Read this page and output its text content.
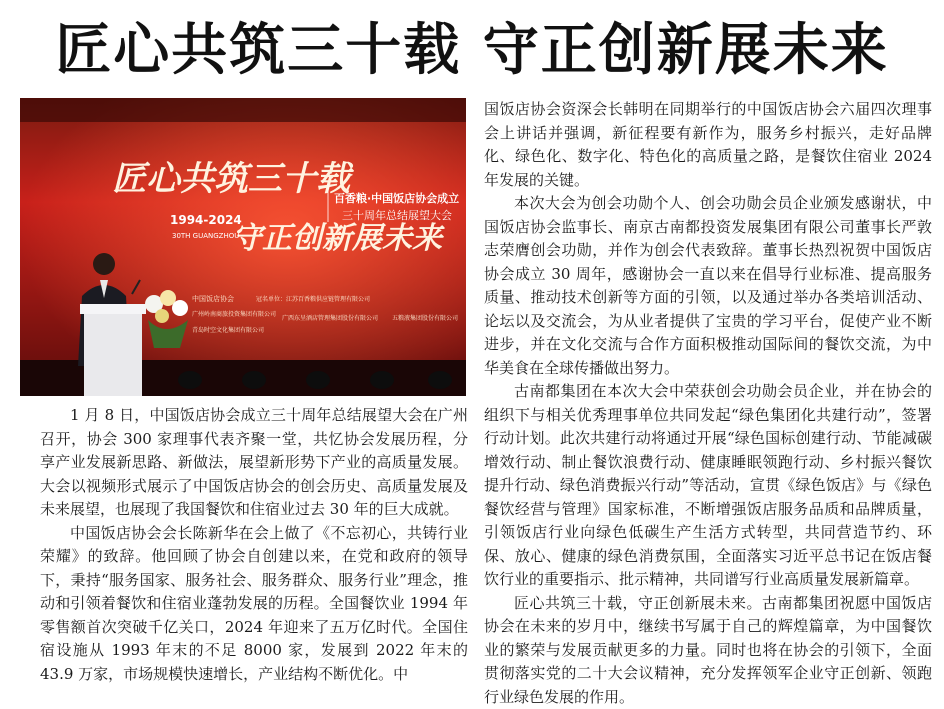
匠心共筑三十载 守正创新展未来
匠心共筑三十载
守正创新展未来
1994-2024
30TH GUANGZHOU
百香粮·中国饭店协会成立
三十周年总结展望大会
中国饭店协会	冠名单位：江苏百香粮供应链管理有限公司
广州岭南商旅投资集团有限公司
广西东呈酒店管理集团股份有限公司 五粮液集团股份有限公司
青岛时空文化集团有限公司

国饭店协会资深会长韩明在同期举行的中国饭店协会六届四次理事会上讲话并强调，新征程要有新作为，服务乡村振兴，走好品牌化、绿色化、数字化、特色化的高质量之路，是餐饮住宿业 2024 年发展的关键。

本次大会为创会功勋个人、创会功勋会员企业颁发感谢状，中国饭店协会监事长、南京古南都投资发展集团有限公司董事长严敦志荣膺创会功勋，并作为创会代表致辞。董事长热烈祝贺中国饭店协会成立 30 周年，感谢协会一直以来在倡导行业标准、提高服务质量、推动技术创新等方面的引领，以及通过举办各类培训活动、论坛以及交流会，为从业者提供了宝贵的学习平台，促使产业不断进步，并在文化交流与合作方面积极推动国际间的餐饮交流，为中华美食在全球传播做出努力。

古南都集团在本次大会中荣获创会功勋会员企业，并在协会的组织下与相关优秀理事单位共同发起“绿色集团化共建行动”，签署行动计划。此次共建行动将通过开展“绿色国标创建行动、节能减碳增效行动、制止餐饮浪费行动、健康睡眠领跑行动、乡村振兴餐饮提升行动、绿色消费振兴行动”等活动，宣贯《绿色饭店》与《绿色餐饮经营与管理》国家标准，不断增强饭店服务品质和品牌质量，引领饭店行业向绿色低碳生产生活方式转型，共同营造节约、环保、放心、健康的绿色消费氛围，全面落实习近平总书记在饭店餐饮行业的重要指示、批示精神，共同谱写行业高质量发展新篇章。

匠心共筑三十载，守正创新展未来。古南都集团祝愿中国饭店协会在未来的岁月中，继续书写属于自己的辉煌篇章，为中国餐饮业的繁荣与发展贡献更多的力量。同时也将在协会的引领下，全面贯彻落实党的二十大会议精神，充分发挥领军企业守正创新、领跑行业绿色发展的作用。

1 月 8 日，中国饭店协会成立三十周年总结展望大会在广州召开，协会 300 家理事代表齐聚一堂，共忆协会发展历程，分享产业发展新思路、新做法，展望新形势下产业的高质量发展。大会以视频形式展示了中国饭店协会的创会历史、高质量发展及未来展望，也展现了我国餐饮和住宿业过去 30 年的巨大成就。

中国饭店协会会长陈新华在会上做了《不忘初心，共铸行业荣耀》的致辞。他回顾了协会自创建以来，在党和政府的领导下，秉持“服务国家、服务社会、服务群众、服务行业”理念，推动和引领着餐饮和住宿业蓬勃发展的历程。全国餐饮业 1994 年零售额首次突破千亿关口，2024 年迎来了五万亿时代。全国住宿设施从 1993 年末的不足 8000 家，发展到 2022 年末的 43.9 万家，市场规模快速增长，产业结构不断优化。中
